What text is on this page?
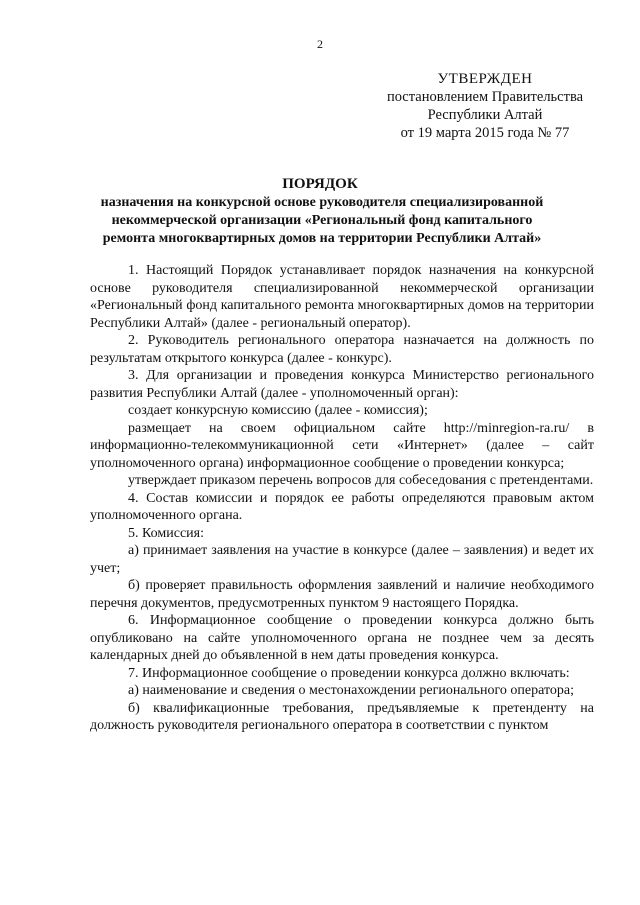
2
УТВЕРЖДЕН
постановлением Правительства
Республики Алтай
от 19 марта 2015 года № 77
ПОРЯДОК
назначения на конкурсной основе руководителя специализированной некоммерческой организации «Региональный фонд капитального ремонта многоквартирных домов на территории Республики Алтай»

1. Настоящий Порядок устанавливает порядок назначения на конкурсной основе руководителя специализированной некоммерческой организации «Региональный фонд капитального ремонта многоквартирных домов на территории Республики Алтай» (далее - региональный оператор).

2. Руководитель регионального оператора назначается на должность по результатам открытого конкурса (далее - конкурс).

3. Для организации и проведения конкурса Министерство регионального развития Республики Алтай (далее - уполномоченный орган):

создает конкурсную комиссию (далее - комиссия);

размещает на своем официальном сайте http://minregion-ra.ru/ в информационно-телекоммуникационной сети «Интернет» (далее – сайт уполномоченного органа) информационное сообщение о проведении конкурса;

утверждает приказом перечень вопросов для собеседования с претендентами.

4. Состав комиссии и порядок ее работы определяются правовым актом уполномоченного органа.

5. Комиссия:

а) принимает заявления на участие в конкурсе (далее – заявления) и ведет их учет;

б) проверяет правильность оформления заявлений и наличие необходимого перечня документов, предусмотренных пунктом 9 настоящего Порядка.

6. Информационное сообщение о проведении конкурса должно быть опубликовано на сайте уполномоченного органа не позднее чем за десять календарных дней до объявленной в нем даты проведения конкурса.

7. Информационное сообщение о проведении конкурса должно включать:

а) наименование и сведения о местонахождении регионального оператора;

б) квалификационные требования, предъявляемые к претенденту на должность руководителя регионального оператора в соответствии с пунктом
